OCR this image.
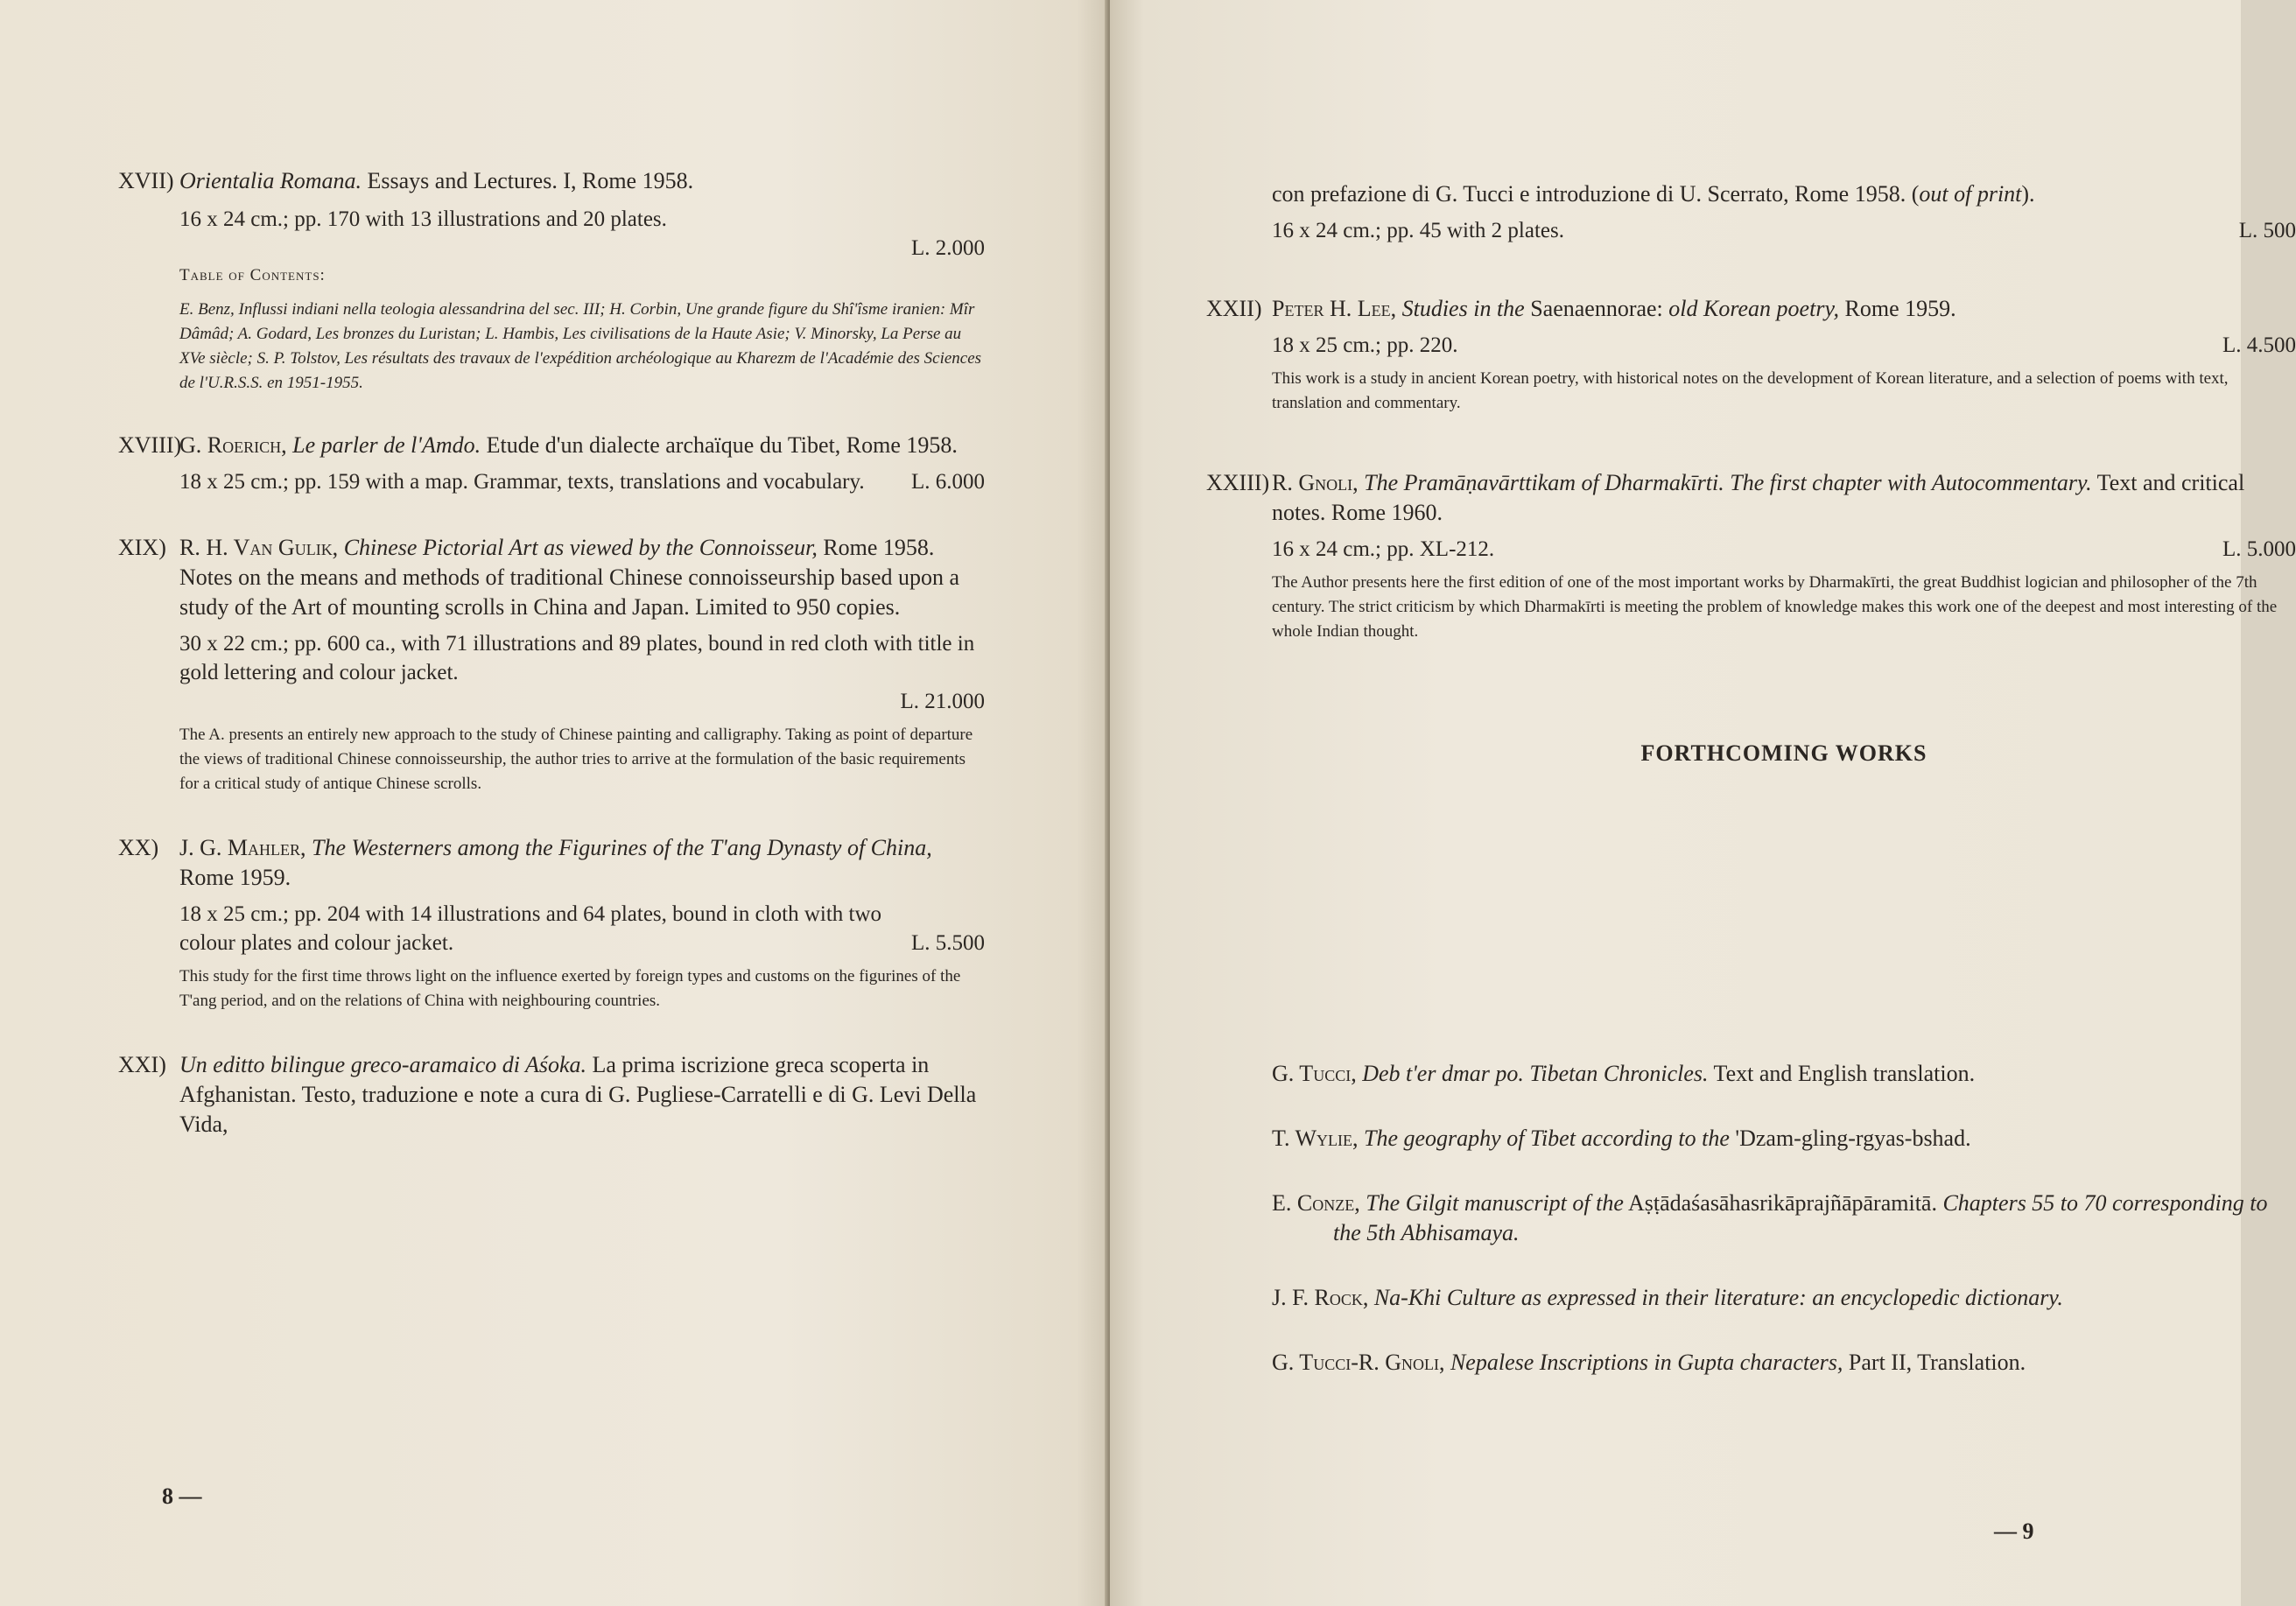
XVII) Orientalia Romana. Essays and Lectures. I, Rome 1958.
16 x 24 cm.; pp. 170 with 13 illustrations and 20 plates.
L. 2.000
Table of Contents:
E. Benz, Influssi indiani nella teologia alessandrina del sec. III; H. Corbin, Une grande figure du Shî'îsme iranien: Mîr Dâmâd; A. Godard, Les bronzes du Luristan; L. Hambis, Les civilisations de la Haute Asie; V. Minorsky, La Perse au XVe siècle; S. P. Tolstov, Les résultats des travaux de l'expédition archéologique au Kharezm de l'Académie des Sciences de l'U.R.S.S. en 1951-1955.
XVIII)
G. Roerich, Le parler de l'Amdo. Etude d'un dialecte archaïque du Tibet, Rome 1958.
18 x 25 cm.; pp. 159 with a map. Grammar, texts, translations and vocabulary.	L. 6.000
XIX) R. H. Van Gulik, Chinese Pictorial Art as viewed by the Connoisseur, Rome 1958. Notes on the means and methods of traditional Chinese connoisseurship based upon a study of the Art of mounting scrolls in China and Japan. Limited to 950 copies.
30 x 22 cm.; pp. 600 ca., with 71 illustrations and 89 plates, bound in red cloth with title in gold lettering and colour jacket.
L. 21.000
The A. presents an entirely new approach to the study of Chinese painting and calligraphy. Taking as point of departure the views of traditional Chinese connoisseurship, the author tries to arrive at the formulation of the basic requirements for a critical study of antique Chinese scrolls.
XX) J. G. Mahler, The Westerners among the Figurines of the T'ang Dynasty of China, Rome 1959.
18 x 25 cm.; pp. 204 with 14 illustrations and 64 plates, bound in cloth with two colour plates and colour jacket.	L. 5.500
This study for the first time throws light on the influence exerted by foreign types and customs on the figurines of the T'ang period, and on the relations of China with neighbouring countries.
XXI) Un editto bilingue greco-aramaico di Aśoka. La prima iscrizione greca scoperta in Afghanistan. Testo, traduzione e note a cura di G. Pugliese-Carratelli e di G. Levi Della Vida,
8 —
con prefazione di G. Tucci e introduzione di U. Scerrato, Rome 1958. (out of print).
16 x 24 cm.; pp. 45 with 2 plates.	L. 500
XXII) Peter H. Lee, Studies in the Saenaennorae: old Korean poetry, Rome 1959.
18 x 25 cm.; pp. 220.	L. 4.500
This work is a study in ancient Korean poetry, with historical notes on the development of Korean literature, and a selection of poems with text, translation and commentary.
XXIII) R. Gnoli, The Pramāṇavārttikam of Dharmakīrti. The first chapter with Autocommentary. Text and critical notes. Rome 1960.
16 x 24 cm.; pp. XL-212.	L. 5.000
The Author presents here the first edition of one of the most important works by Dharmakīrti, the great Buddhist logician and philosopher of the 7th century. The strict criticism by which Dharmakīrti is meeting the problem of knowledge makes this work one of the deepest and most interesting of the whole Indian thought.
FORTHCOMING WORKS
G. Tucci, Deb t'er dmar po. Tibetan Chronicles. Text and English translation.
T. Wylie, The geography of Tibet according to the 'Dzam-gling-rgyas-bshad.
E. Conze, The Gilgit manuscript of the Aṣṭādaśasāhasrikāprajñāpāramitā. Chapters 55 to 70 corresponding to the 5th Abhisamaya.
J. F. Rock, Na-Khi Culture as expressed in their literature: an encyclopedic dictionary.
G. Tucci-R. Gnoli, Nepalese Inscriptions in Gupta characters, Part II, Translation.
— 9
